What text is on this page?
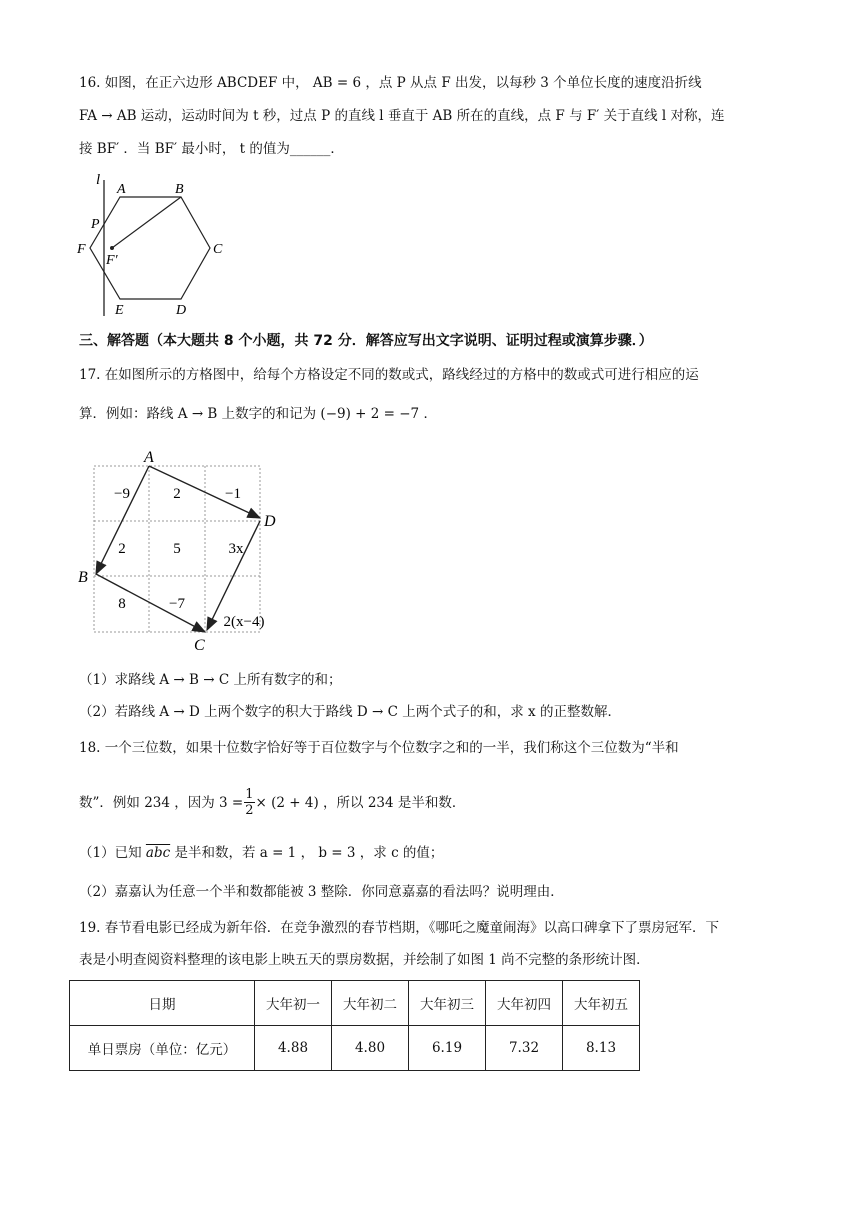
16. 如图，在正六边形 ABCDEF 中， AB = 6 ，点 P 从点 F 出发，以每秒 3 个单位长度的速度沿折线
FA → AB 运动，运动时间为 t 秒，过点 P 的直线 l 垂直于 AB 所在的直线，点 F 与 F′ 关于直线 l 对称，连
接 BF′ ．当 BF′ 最小时， t 的值为______．
l
A	B
C
D
E
F
P
F′
三、解答题（本大题共 8 个小题，共 72 分．解答应写出文字说明、证明过程或演算步骤．）
17. 在如图所示的方格图中，给每个方格设定不同的数或式，路线经过的方格中的数或式可进行相应的运
算．例如：路线 A → B 上数字的和记为 (−9) + 2 = −7 ．
−9	2	−1
2	5	3x
8	−7
2(x−4)
A
B
C
D
（1）求路线 A → B → C 上所有数字的和；
（2）若路线 A → D 上两个数字的积大于路线 D → C 上两个式子的和，求 x 的正整数解．
18. 一个三位数，如果十位数字恰好等于百位数字与个位数字之和的一半，我们称这个三位数为“半和
数”．例如 234 ，因为 $3 = \frac{1}{2} \times (2 + 4)$ ，所以 234 是半和数．
（1）已知 $\overline{abc}$ 是半和数，若 a = 1 ， b = 3 ，求 c 的值；
（2）嘉嘉认为任意一个半和数都能被 3 整除．你同意嘉嘉的看法吗？说明理由．
19. 春节看电影已经成为新年俗．在竞争激烈的春节档期，《哪吒之魔童闹海》以高口碑拿下了票房冠军．下
表是小明查阅资料整理的该电影上映五天的票房数据，并绘制了如图 1 尚不完整的条形统计图．
日期	大年初一	大年初二	大年初三	大年初四	大年初五
单日票房（单位：亿元）	4.88	4.80	6.19	7.32	8.13
